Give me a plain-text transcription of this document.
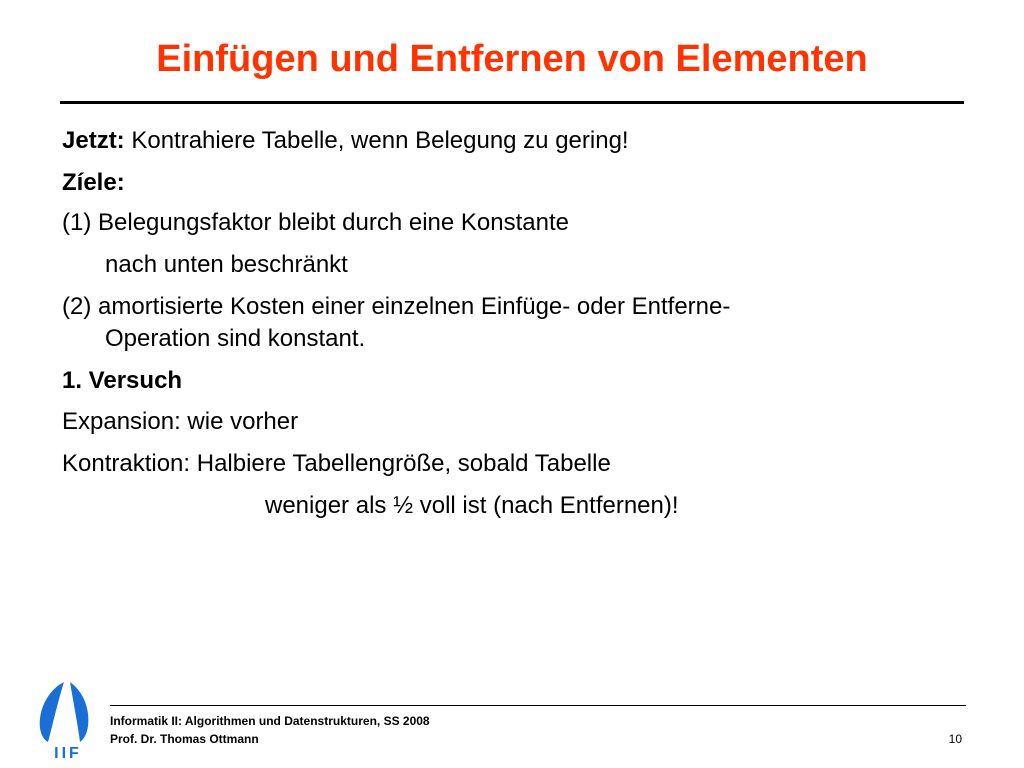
Einfügen und Entfernen von Elementen
Jetzt: Kontrahiere Tabelle, wenn Belegung zu gering!
Zíele:
(1) Belegungsfaktor bleibt durch eine Konstante
nach unten beschränkt
(2) amortisierte Kosten einer einzelnen Einfüge- oder Entferne-
Operation sind konstant.
1. Versuch
Expansion: wie vorher
Kontraktion: Halbiere Tabellengröße, sobald Tabelle
weniger als ½ voll ist (nach Entfernen)!
IIF
Informatik II: Algorithmen und Datenstrukturen, SS 2008
Prof. Dr. Thomas Ottmann	10
